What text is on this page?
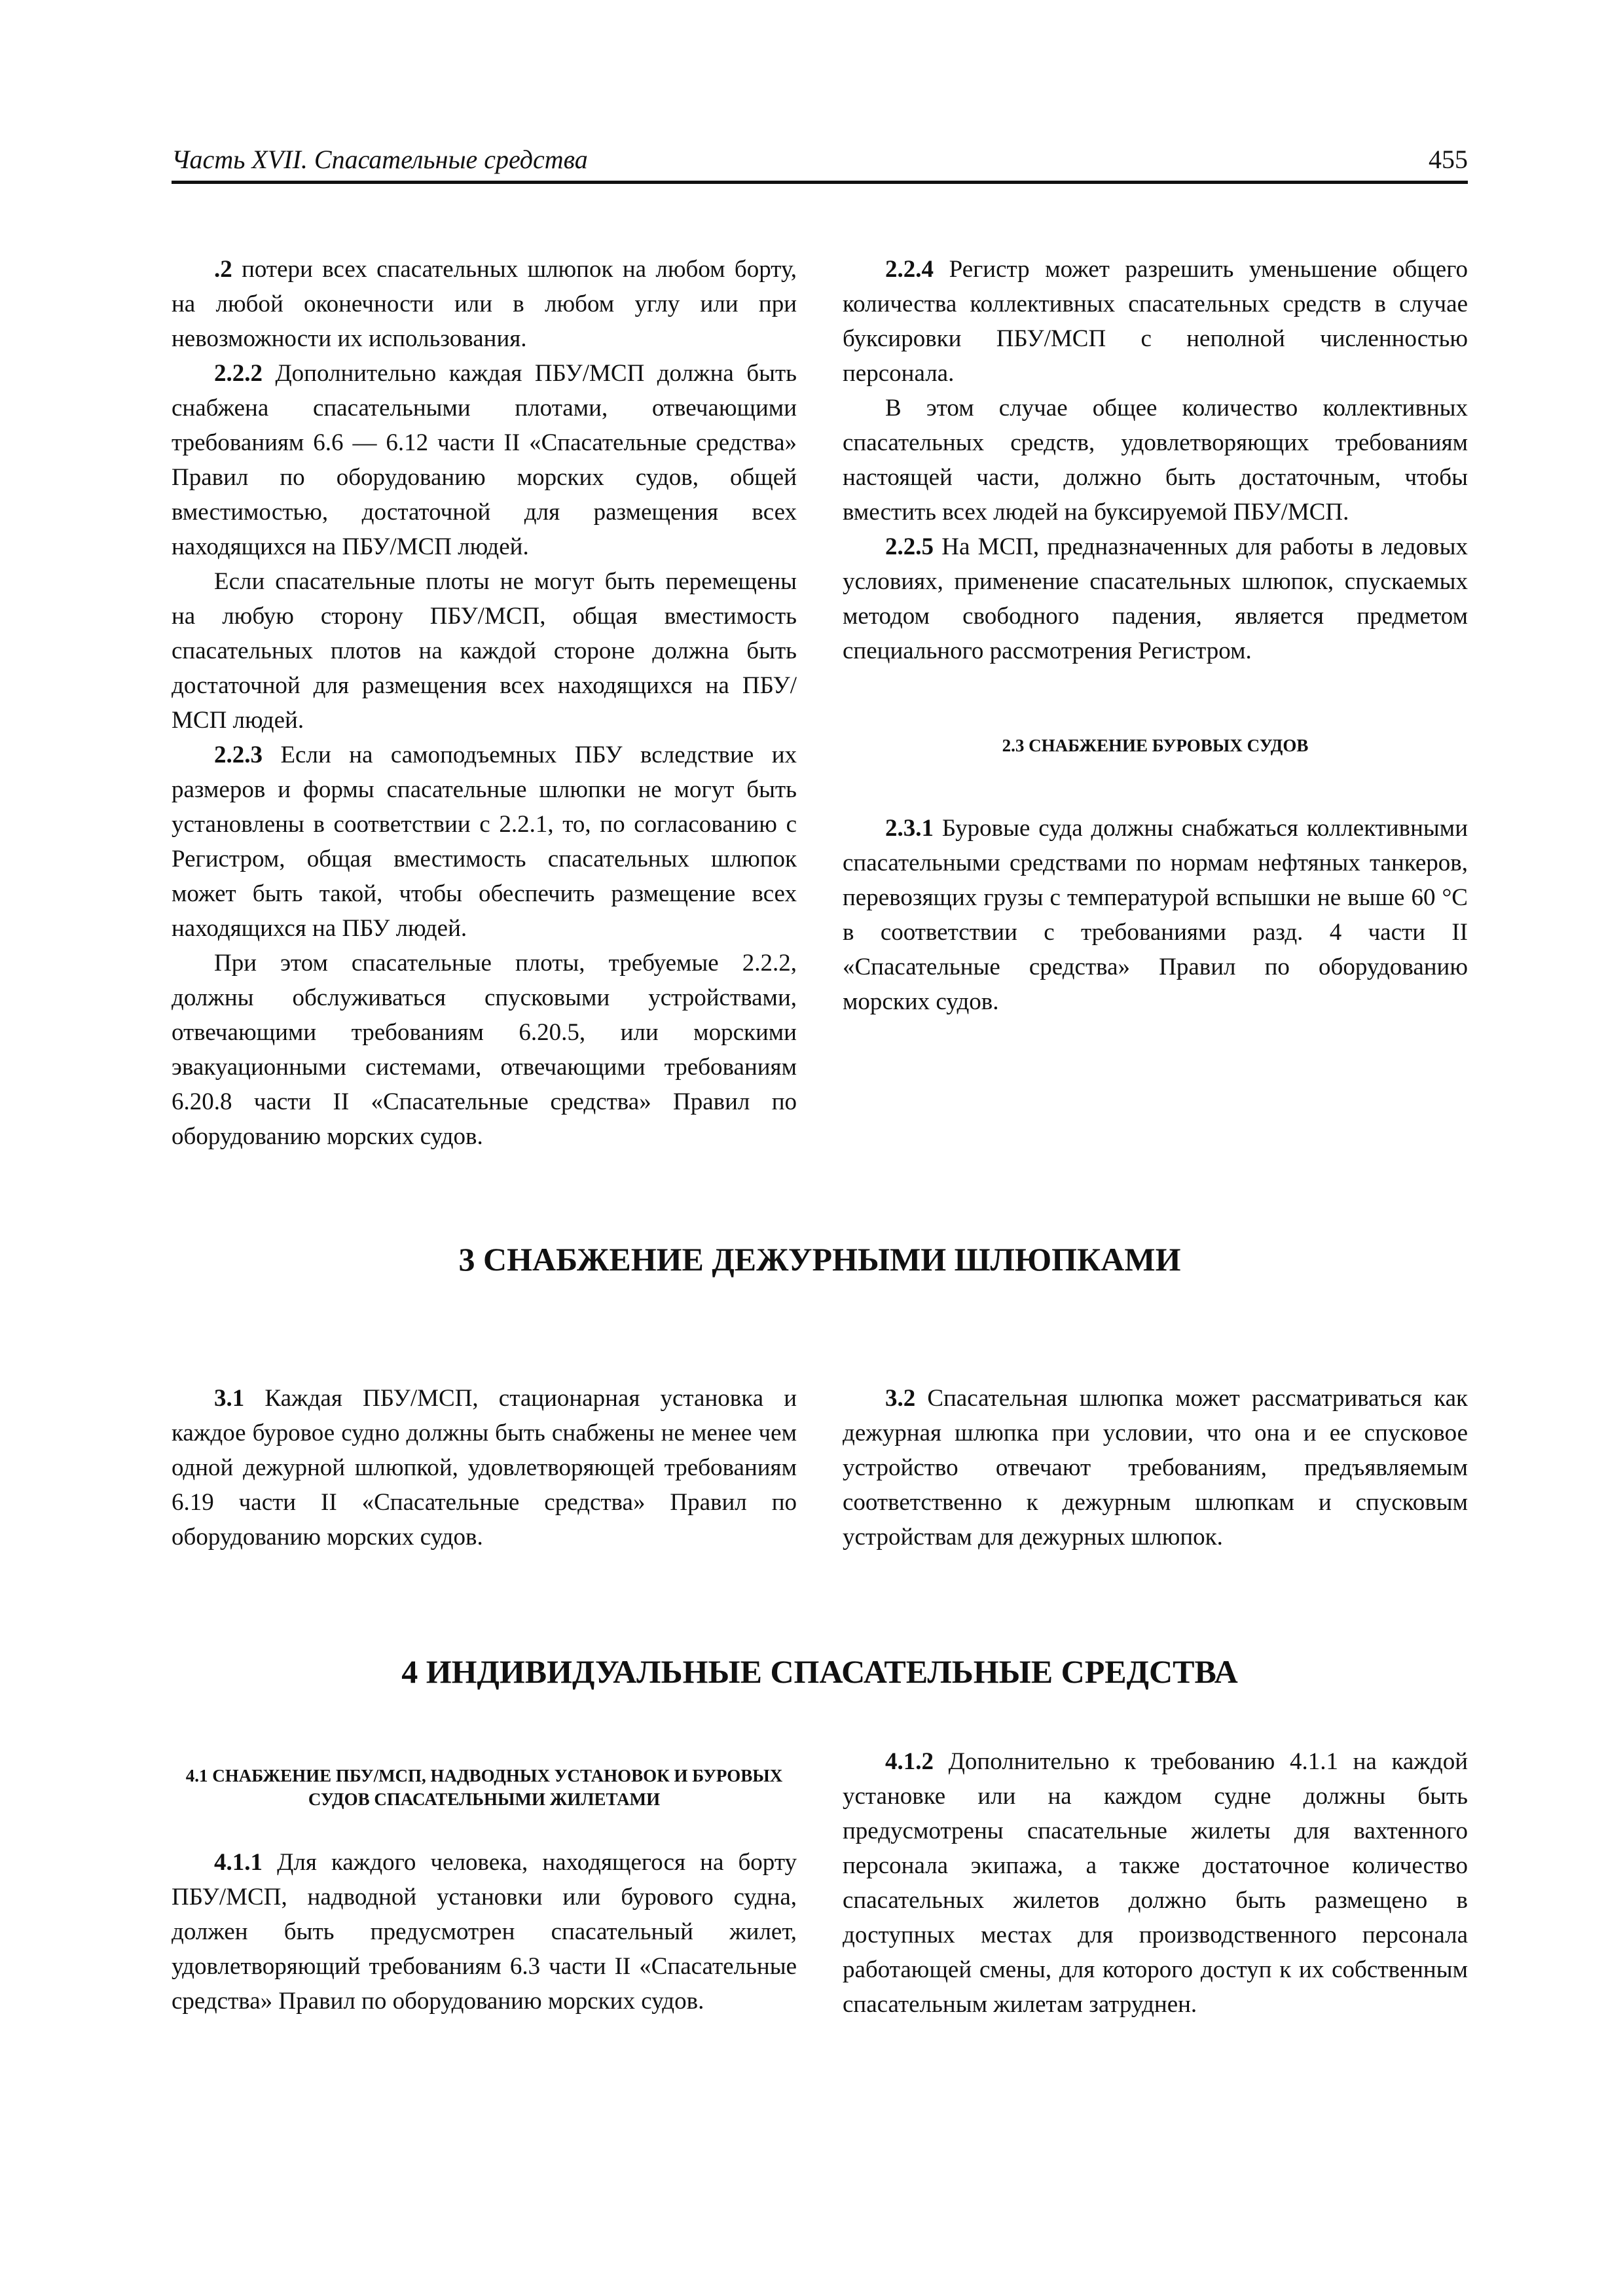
Часть XVII. Спасательные средства	455

.2 потери всех спасательных шлюпок на любом борту, на любой оконечности или в любом углу или при невозможности их использования.

2.2.2 Дополнительно каждая ПБУ/МСП должна быть снабжена спасательными плотами, отвечающими требованиям 6.6 — 6.12 части II «Спасательные средства» Правил по оборудованию морских судов, общей вместимостью, достаточной для размещения всех находящихся на ПБУ/МСП людей.

Если спасательные плоты не могут быть перемещены на любую сторону ПБУ/МСП, общая вместимость спасательных плотов на каждой стороне должна быть достаточной для размещения всех находящихся на ПБУ/МСП людей.

2.2.3 Если на самоподъемных ПБУ вследствие их размеров и формы спасательные шлюпки не могут быть установлены в соответствии с 2.2.1, то, по согласованию с Регистром, общая вместимость спасательных шлюпок может быть такой, чтобы обеспечить размещение всех находящихся на ПБУ людей.

При этом спасательные плоты, требуемые 2.2.2, должны обслуживаться спусковыми устройствами, отвечающими требованиям 6.20.5, или морскими эвакуационными системами, отвечающими требованиям 6.20.8 части II «Спасательные средства» Правил по оборудованию морских судов.

2.2.4 Регистр может разрешить уменьшение общего количества коллективных спасательных средств в случае буксировки ПБУ/МСП с неполной численностью персонала.

В этом случае общее количество коллективных спасательных средств, удовлетворяющих требованиям настоящей части, должно быть достаточным, чтобы вместить всех людей на буксируемой ПБУ/МСП.

2.2.5 На МСП, предназначенных для работы в ледовых условиях, применение спасательных шлюпок, спускаемых методом свободного падения, является предметом специального рассмотрения Регистром.

2.3 СНАБЖЕНИЕ БУРОВЫХ СУДОВ

2.3.1 Буровые суда должны снабжаться коллективными спасательными средствами по нормам нефтяных танкеров, перевозящих грузы с температурой вспышки не выше 60 °С в соответствии с требованиями разд. 4 части II «Спасательные средства» Правил по оборудованию морских судов.

3 СНАБЖЕНИЕ ДЕЖУРНЫМИ ШЛЮПКАМИ

3.1 Каждая ПБУ/МСП, стационарная установка и каждое буровое судно должны быть снабжены не менее чем одной дежурной шлюпкой, удовлетворяющей требованиям 6.19 части II «Спасательные средства» Правил по оборудованию морских судов.

3.2 Спасательная шлюпка может рассматриваться как дежурная шлюпка при условии, что она и ее спусковое устройство отвечают требованиям, предъявляемым соответственно к дежурным шлюпкам и спусковым устройствам для дежурных шлюпок.

4 ИНДИВИДУАЛЬНЫЕ СПАСАТЕЛЬНЫЕ СРЕДСТВА

4.1 СНАБЖЕНИЕ ПБУ/МСП, НАДВОДНЫХ УСТАНОВОК И БУРОВЫХ СУДОВ СПАСАТЕЛЬНЫМИ ЖИЛЕТАМИ

4.1.1 Для каждого человека, находящегося на борту ПБУ/МСП, надводной установки или бурового судна, должен быть предусмотрен спасательный жилет, удовлетворяющий требованиям 6.3 части II «Спасательные средства» Правил по оборудованию морских судов.

4.1.2 Дополнительно к требованию 4.1.1 на каждой установке или на каждом судне должны быть предусмотрены спасательные жилеты для вахтенного персонала экипажа, а также достаточное количество спасательных жилетов должно быть размещено в доступных местах для производственного персонала работающей смены, для которого доступ к их собственным спасательным жилетам затруднен.
